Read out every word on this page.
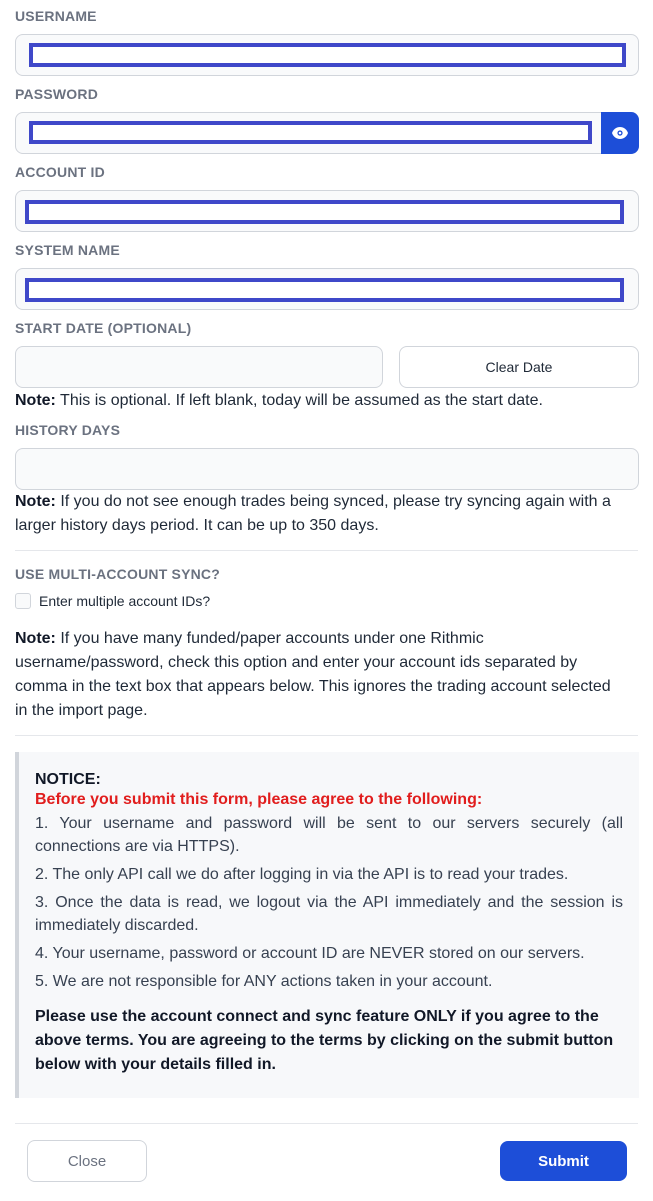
USERNAME
PASSWORD
ACCOUNT ID
SYSTEM NAME
START DATE (OPTIONAL)
Clear Date
Note: This is optional. If left blank, today will be assumed as the start date.
HISTORY DAYS
Note: If you do not see enough trades being synced, please try syncing again with a larger history days period. It can be up to 350 days.
USE MULTI-ACCOUNT SYNC?
Enter multiple account IDs?
Note: If you have many funded/paper accounts under one Rithmic username/password, check this option and enter your account ids separated by comma in the text box that appears below. This ignores the trading account selected in the import page.
NOTICE:
Before you submit this form, please agree to the following:
1. Your username and password will be sent to our servers securely (all connections are via HTTPS).
2. The only API call we do after logging in via the API is to read your trades.
3. Once the data is read, we logout via the API immediately and the session is immediately discarded.
4. Your username, password or account ID are NEVER stored on our servers.
5. We are not responsible for ANY actions taken in your account.
Please use the account connect and sync feature ONLY if you agree to the above terms. You are agreeing to the terms by clicking on the submit button below with your details filled in.
Close	Submit
